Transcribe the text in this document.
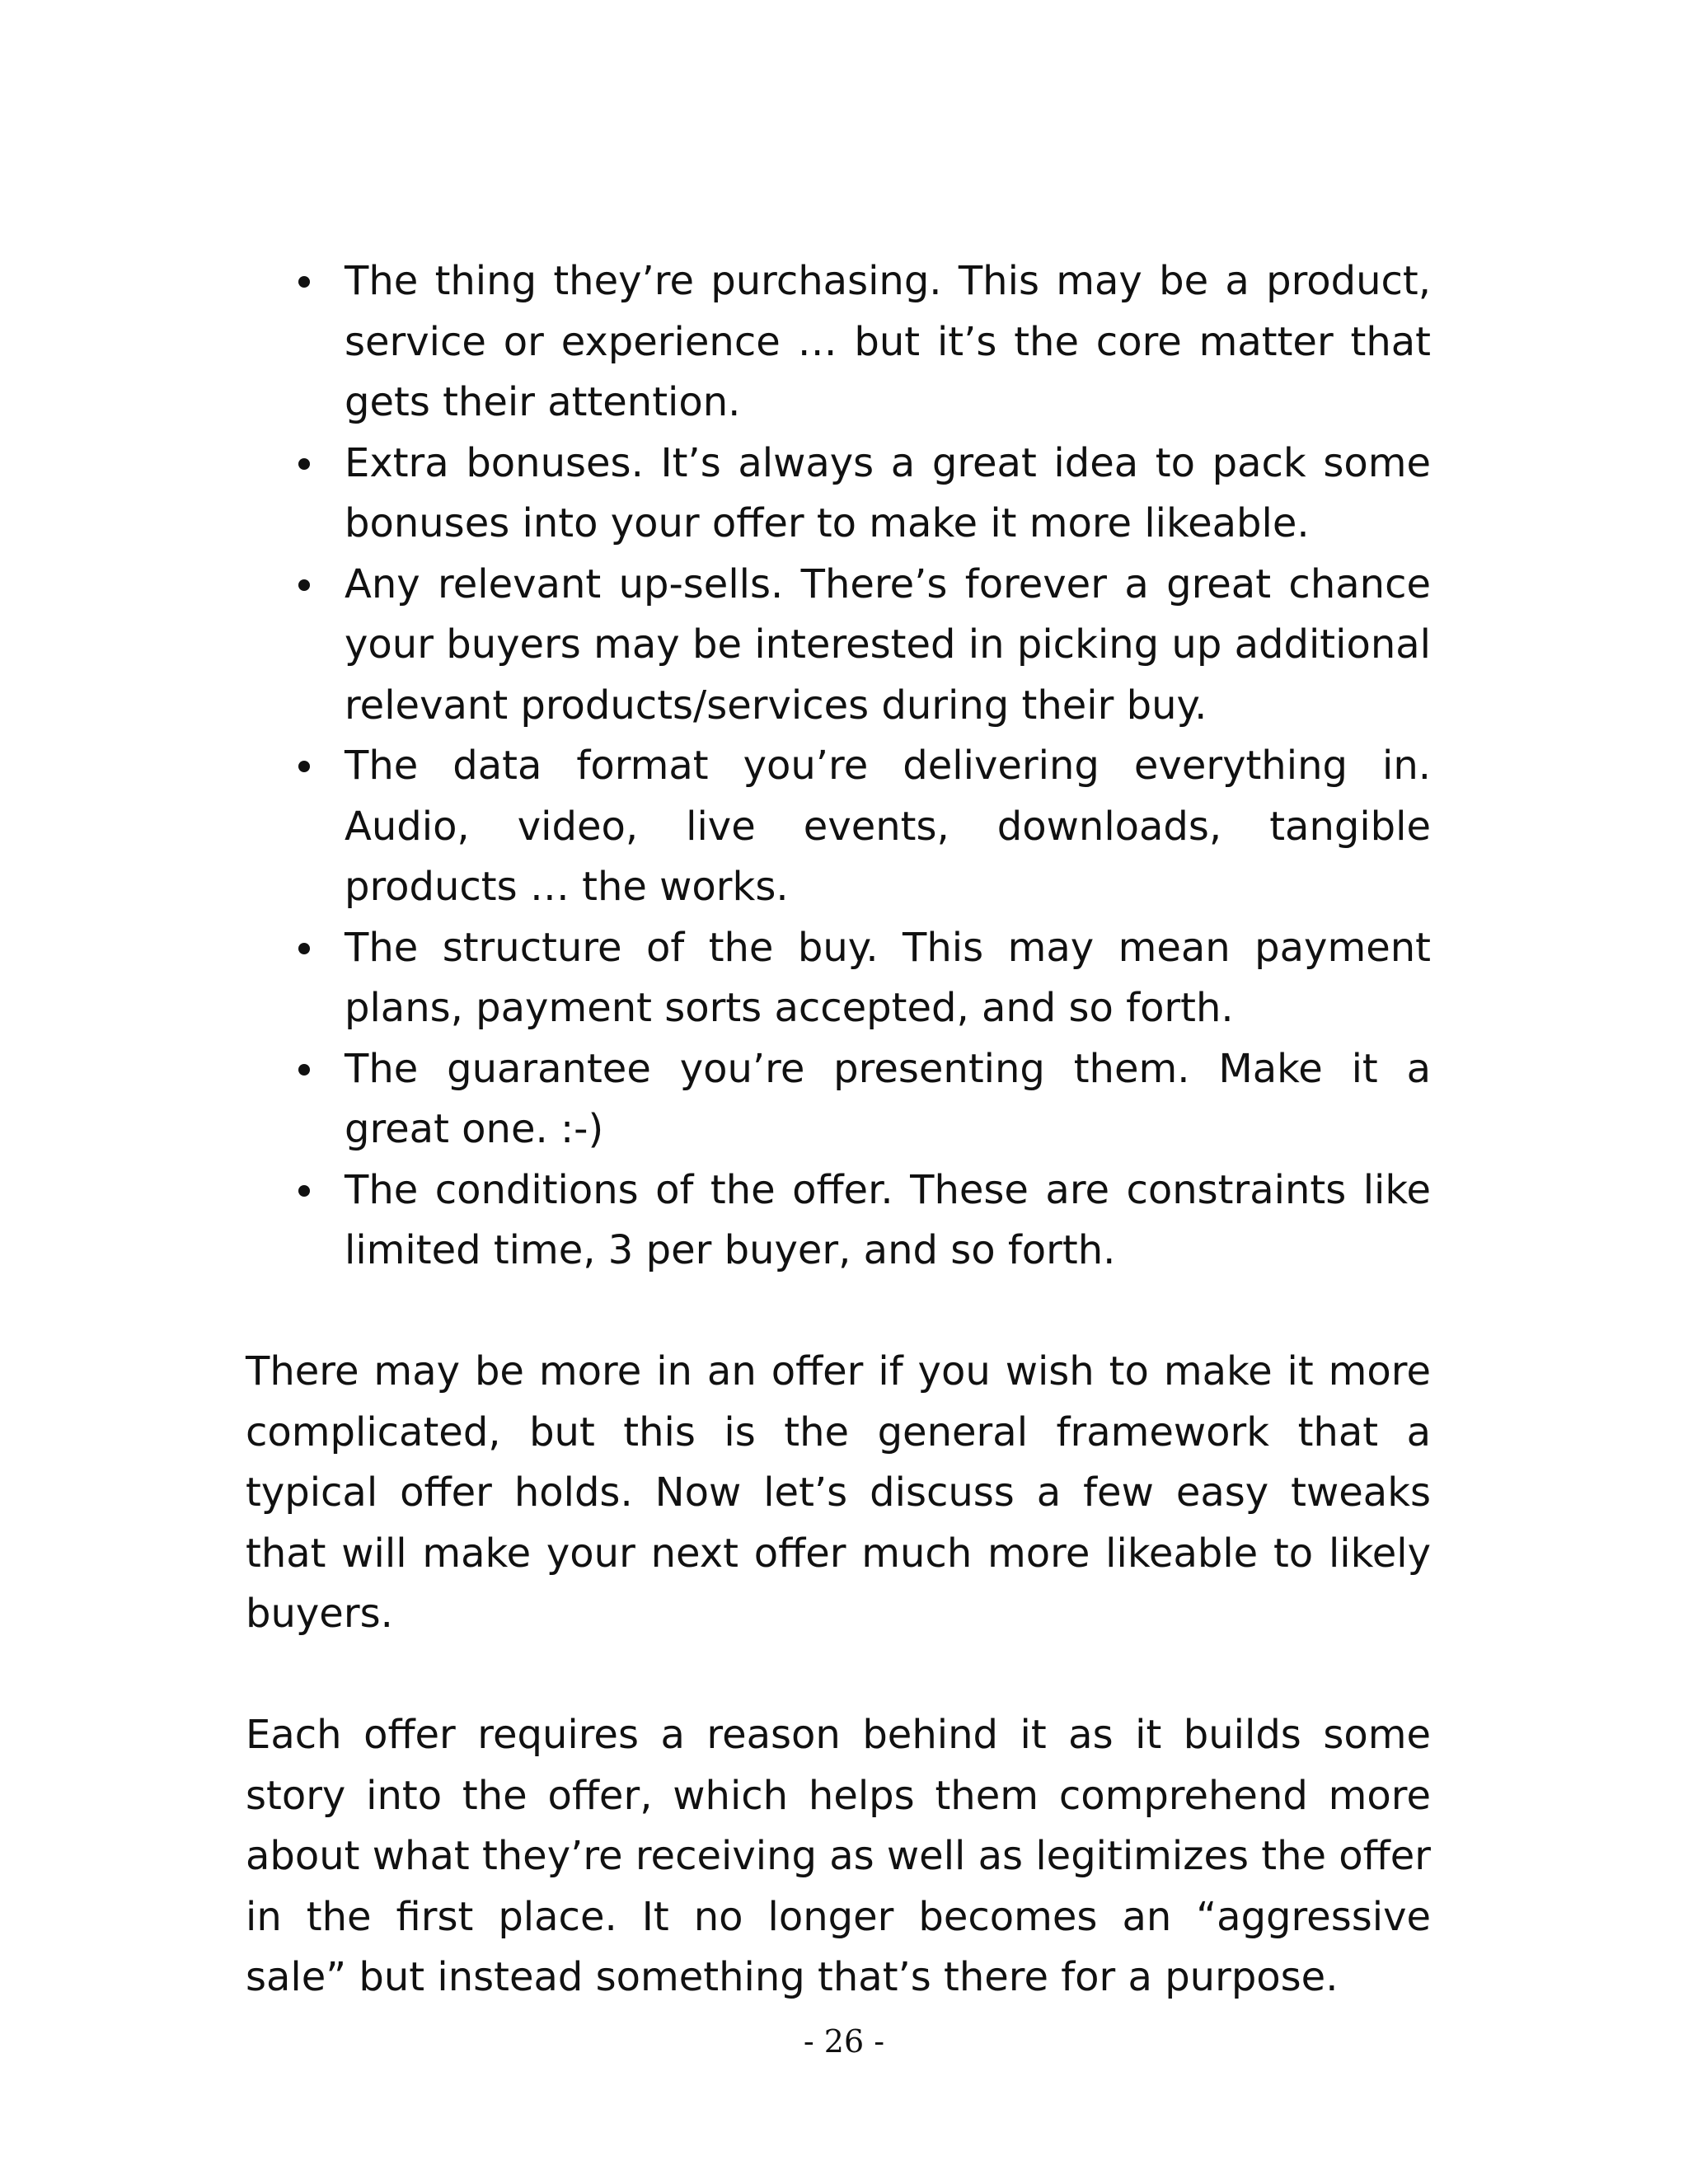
The thing they’re purchasing. This may be a product, service or experience … but it’s the core matter that gets their attention.
Extra bonuses. It’s always a great idea to pack some bonuses into your offer to make it more likeable.
Any relevant up-sells. There’s forever a great chance your buyers may be interested in picking up additional relevant products/services during their buy.
The data format you’re delivering everything in. Audio, video, live events, downloads, tangible products … the works.
The structure of the buy. This may mean payment plans, payment sorts accepted, and so forth.
The guarantee you’re presenting them. Make it a great one. :-)
The conditions of the offer. These are constraints like limited time, 3 per buyer, and so forth.

There may be more in an offer if you wish to make it more complicated, but this is the general framework that a typical offer holds. Now let’s discuss a few easy tweaks that will make your next offer much more likeable to likely buyers.

Each offer requires a reason behind it as it builds some story into the offer, which helps them comprehend more about what they’re receiving as well as legitimizes the offer in the first place. It no longer becomes an “aggressive sale” but instead something that’s there for a purpose.

- 26 -
